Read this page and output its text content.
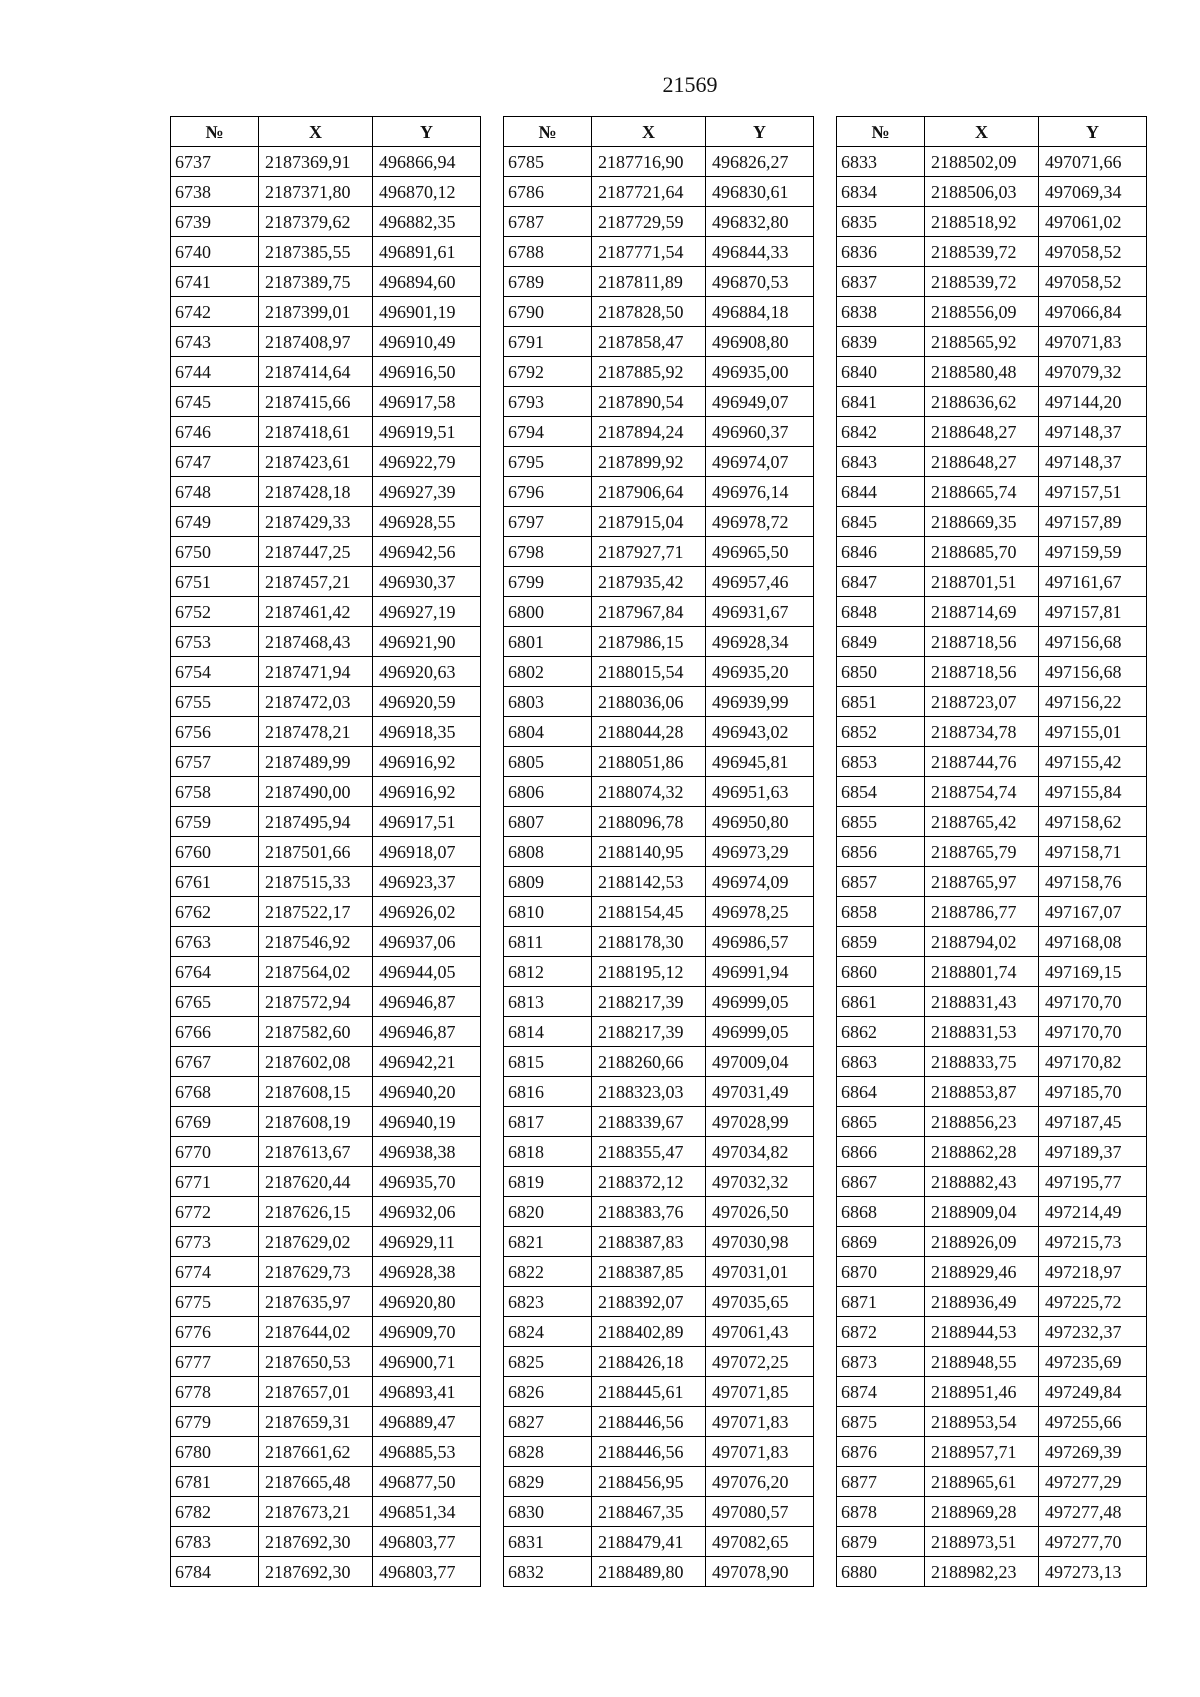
21569
№	X	Y
6737	2187369,91	496866,94
6738	2187371,80	496870,12
6739	2187379,62	496882,35
6740	2187385,55	496891,61
6741	2187389,75	496894,60
6742	2187399,01	496901,19
6743	2187408,97	496910,49
6744	2187414,64	496916,50
6745	2187415,66	496917,58
6746	2187418,61	496919,51
6747	2187423,61	496922,79
6748	2187428,18	496927,39
6749	2187429,33	496928,55
6750	2187447,25	496942,56
6751	2187457,21	496930,37
6752	2187461,42	496927,19
6753	2187468,43	496921,90
6754	2187471,94	496920,63
6755	2187472,03	496920,59
6756	2187478,21	496918,35
6757	2187489,99	496916,92
6758	2187490,00	496916,92
6759	2187495,94	496917,51
6760	2187501,66	496918,07
6761	2187515,33	496923,37
6762	2187522,17	496926,02
6763	2187546,92	496937,06
6764	2187564,02	496944,05
6765	2187572,94	496946,87
6766	2187582,60	496946,87
6767	2187602,08	496942,21
6768	2187608,15	496940,20
6769	2187608,19	496940,19
6770	2187613,67	496938,38
6771	2187620,44	496935,70
6772	2187626,15	496932,06
6773	2187629,02	496929,11
6774	2187629,73	496928,38
6775	2187635,97	496920,80
6776	2187644,02	496909,70
6777	2187650,53	496900,71
6778	2187657,01	496893,41
6779	2187659,31	496889,47
6780	2187661,62	496885,53
6781	2187665,48	496877,50
6782	2187673,21	496851,34
6783	2187692,30	496803,77
6784	2187692,30	496803,77
№	X	Y
6785	2187716,90	496826,27
6786	2187721,64	496830,61
6787	2187729,59	496832,80
6788	2187771,54	496844,33
6789	2187811,89	496870,53
6790	2187828,50	496884,18
6791	2187858,47	496908,80
6792	2187885,92	496935,00
6793	2187890,54	496949,07
6794	2187894,24	496960,37
6795	2187899,92	496974,07
6796	2187906,64	496976,14
6797	2187915,04	496978,72
6798	2187927,71	496965,50
6799	2187935,42	496957,46
6800	2187967,84	496931,67
6801	2187986,15	496928,34
6802	2188015,54	496935,20
6803	2188036,06	496939,99
6804	2188044,28	496943,02
6805	2188051,86	496945,81
6806	2188074,32	496951,63
6807	2188096,78	496950,80
6808	2188140,95	496973,29
6809	2188142,53	496974,09
6810	2188154,45	496978,25
6811	2188178,30	496986,57
6812	2188195,12	496991,94
6813	2188217,39	496999,05
6814	2188217,39	496999,05
6815	2188260,66	497009,04
6816	2188323,03	497031,49
6817	2188339,67	497028,99
6818	2188355,47	497034,82
6819	2188372,12	497032,32
6820	2188383,76	497026,50
6821	2188387,83	497030,98
6822	2188387,85	497031,01
6823	2188392,07	497035,65
6824	2188402,89	497061,43
6825	2188426,18	497072,25
6826	2188445,61	497071,85
6827	2188446,56	497071,83
6828	2188446,56	497071,83
6829	2188456,95	497076,20
6830	2188467,35	497080,57
6831	2188479,41	497082,65
6832	2188489,80	497078,90
№	X	Y
6833	2188502,09	497071,66
6834	2188506,03	497069,34
6835	2188518,92	497061,02
6836	2188539,72	497058,52
6837	2188539,72	497058,52
6838	2188556,09	497066,84
6839	2188565,92	497071,83
6840	2188580,48	497079,32
6841	2188636,62	497144,20
6842	2188648,27	497148,37
6843	2188648,27	497148,37
6844	2188665,74	497157,51
6845	2188669,35	497157,89
6846	2188685,70	497159,59
6847	2188701,51	497161,67
6848	2188714,69	497157,81
6849	2188718,56	497156,68
6850	2188718,56	497156,68
6851	2188723,07	497156,22
6852	2188734,78	497155,01
6853	2188744,76	497155,42
6854	2188754,74	497155,84
6855	2188765,42	497158,62
6856	2188765,79	497158,71
6857	2188765,97	497158,76
6858	2188786,77	497167,07
6859	2188794,02	497168,08
6860	2188801,74	497169,15
6861	2188831,43	497170,70
6862	2188831,53	497170,70
6863	2188833,75	497170,82
6864	2188853,87	497185,70
6865	2188856,23	497187,45
6866	2188862,28	497189,37
6867	2188882,43	497195,77
6868	2188909,04	497214,49
6869	2188926,09	497215,73
6870	2188929,46	497218,97
6871	2188936,49	497225,72
6872	2188944,53	497232,37
6873	2188948,55	497235,69
6874	2188951,46	497249,84
6875	2188953,54	497255,66
6876	2188957,71	497269,39
6877	2188965,61	497277,29
6878	2188969,28	497277,48
6879	2188973,51	497277,70
6880	2188982,23	497273,13
